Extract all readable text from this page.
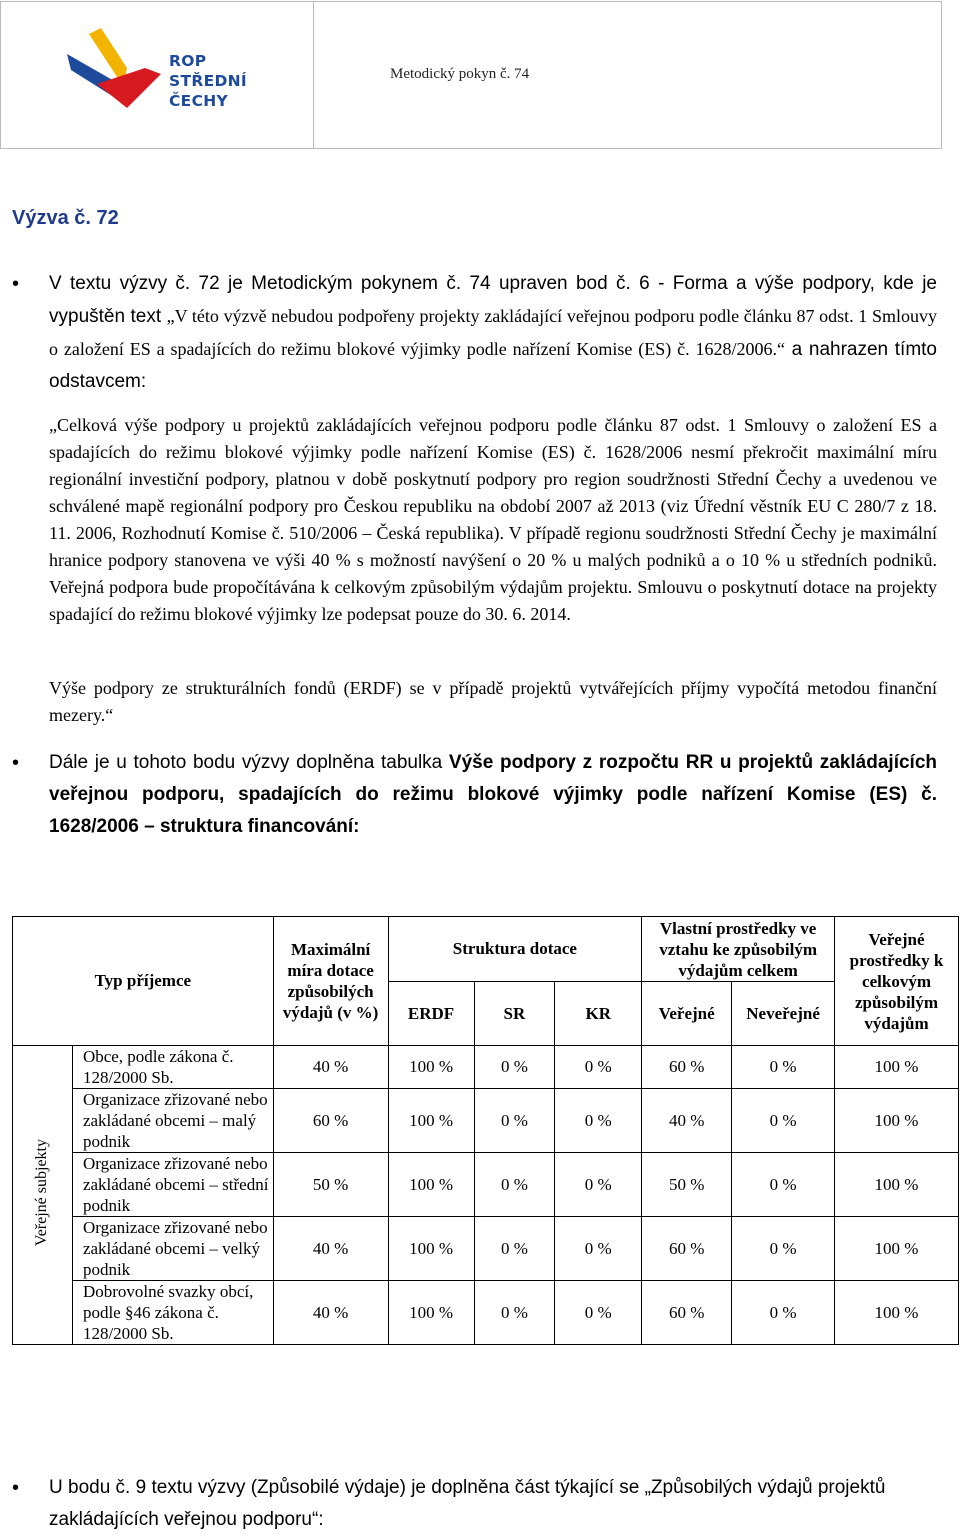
ROP
STŘEDNÍ
ČECHY
Metodický pokyn č. 74
Výzva č. 72
• V textu výzvy č. 72 je Metodickým pokynem č. 74 upraven bod č. 6 - Forma a výše podpory, kde je vypuštěn text „V této výzvě nebudou podpořeny projekty zakládající veřejnou podporu podle článku 87 odst. 1 Smlouvy o založení ES a spadajících do režimu blokové výjimky podle nařízení Komise (ES) č. 1628/2006.“ a nahrazen tímto odstavcem:
„Celková výše podpory u projektů zakládajících veřejnou podporu podle článku 87 odst. 1 Smlouvy o založení ES a spadajících do režimu blokové výjimky podle nařízení Komise (ES) č. 1628/2006 nesmí překročit maximální míru regionální investiční podpory, platnou v době poskytnutí podpory pro region soudržnosti Střední Čechy a uvedenou ve schválené mapě regionální podpory pro Českou republiku na období 2007 až 2013 (viz Úřední věstník EU C 280/7 z 18. 11. 2006, Rozhodnutí Komise č. 510/2006 – Česká republika). V případě regionu soudržnosti Střední Čechy je maximální hranice podpory stanovena ve výši 40 % s možností navýšení o 20 % u malých podniků a o 10 % u středních podniků. Veřejná podpora bude propočítávána k celkovým způsobilým výdajům projektu. Smlouvu o poskytnutí dotace na projekty spadající do režimu blokové výjimky lze podepsat pouze do 30. 6. 2014.
Výše podpory ze strukturálních fondů (ERDF) se v případě projektů vytvářejících příjmy vypočítá metodou finanční mezery.“
• Dále je u tohoto bodu výzvy doplněna tabulka Výše podpory z rozpočtu RR u projektů zakládajících veřejnou podporu, spadajících do režimu blokové výjimky podle nařízení Komise (ES) č. 1628/2006 – struktura financování:
Typ příjemce		Maximální míra dotace způsobilých výdajů (v %)	Struktura dotace			Vlastní prostředky ve vztahu ke způsobilým výdajům celkem		Veřejné prostředky k celkovým způsobilým výdajům
			ERDF	SR	KR	Veřejné	Neveřejné	
Veřejné subjekty	Obce, podle zákona č. 128/2000 Sb.	40 %	100 %	0 %	0 %	60 %	0 %	100 %
	Organizace zřizované nebo zakládané obcemi – malý podnik	60 %	100 %	0 %	0 %	40 %	0 %	100 %
	Organizace zřizované nebo zakládané obcemi – střední podnik	50 %	100 %	0 %	0 %	50 %	0 %	100 %
	Organizace zřizované nebo zakládané obcemi – velký podnik	40 %	100 %	0 %	0 %	60 %	0 %	100 %
	Dobrovolné svazky obcí, podle §46 zákona č. 128/2000 Sb.	40 %	100 %	0 %	0 %	60 %	0 %	100 %
• U bodu č. 9 textu výzvy (Způsobilé výdaje) je doplněna část týkající se „Způsobilých výdajů projektů zakládajících veřejnou podporu“:
